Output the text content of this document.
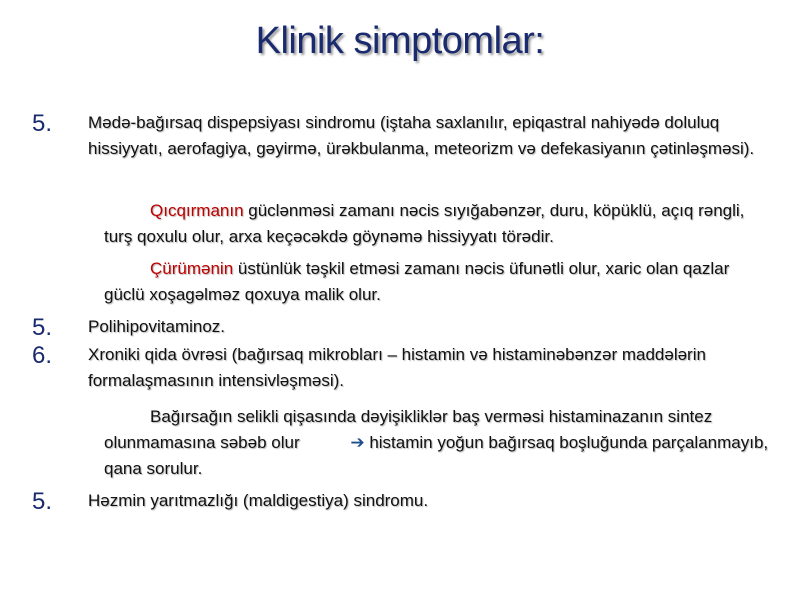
Klinik simptomlar:
5. Mǝdǝ-bağırsaq dispepsiyası sindromu (iştaha saxlanılır, epiqastral nahiyǝdǝ doluluq hissiyyatı, aerofagiya, gǝyirmǝ, ürǝkbulanma, meteorizm vǝ defekasiyanın çǝtinlǝşmǝsi).
Qıcqırmanın güclǝnmǝsi zamanı nǝcis sıyığabǝnzǝr, duru, köpüklü, açıq rǝngli, turş qoxulu olur, arxa keçǝcǝkdǝ göynǝmǝ hissiyyatı törǝdir.
Çürümǝnin üstünlük tǝşkil etmǝsi zamanı nǝcis üfunǝtli olur, xaric olan qazlar güclü xoşagǝlmǝz qoxuya malik olur.
5. Polihipovitaminoz.
6. Xroniki qida övrǝsi (bağırsaq mikrobları – histamin vǝ histaminǝbǝnzǝr maddǝlǝrin formalaşmasının intensivlǝşmǝsi).
Bağırsağın selikli qişasında dǝyişikliklǝr baş vermǝsi histaminazanın sintez olunmamasına sǝbǝb olur	➔ histamin yoğun bağırsaq boşluğunda parçalanmayıb, qana sorulur.
5. Hǝzmin yarıtmazlığı (maldigestiya) sindromu.
